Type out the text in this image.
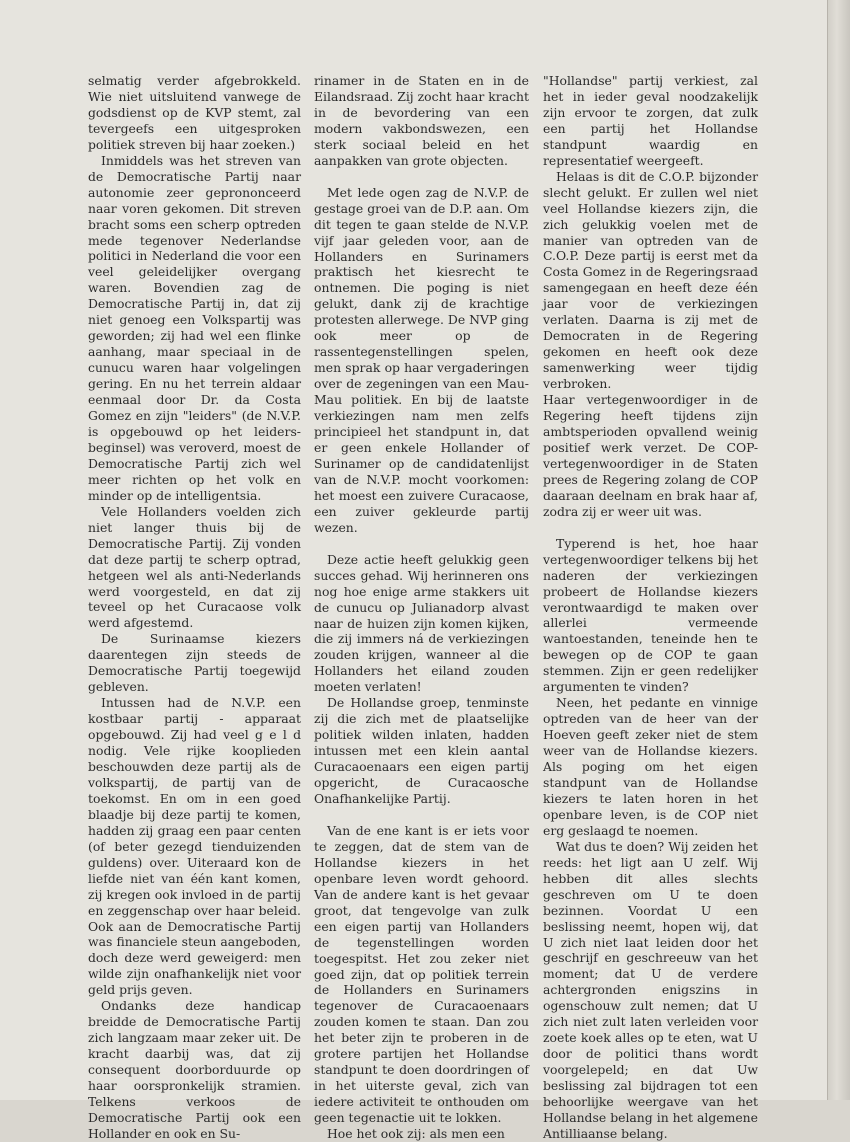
selmatig verder afgebrokkeld. Wie niet uitsluitend vanwege de godsdienst op de KVP stemt, zal tevergeefs een uitgesproken politiek streven bij haar zoeken.)

Inmiddels was het streven van de Democratische Partij naar autonomie zeer geprononceerd naar voren gekomen. Dit streven bracht soms een scherp optreden mede tegenover Nederlandse politici in Nederland die voor een veel geleidelijker overgang waren. Bovendien zag de Democratische Partij in, dat zij niet genoeg een Volkspartij was geworden; zij had wel een flinke aanhang, maar speciaal in de cunucu waren haar volgelingen gering. En nu het terrein aldaar eenmaal door Dr. da Costa Gomez en zijn "leiders" (de N.V.P. is opgebouwd op het leiders-beginsel) was veroverd, moest de Democratische Partij zich wel meer richten op het volk en minder op de intelligentsia.

Vele Hollanders voelden zich niet langer thuis bij de Democratische Partij. Zij vonden dat deze partij te scherp optrad, hetgeen wel als anti-Nederlands werd voorgesteld, en dat zij teveel op het Curacaose volk werd afgestemd.

De Surinaamse kiezers daarentegen zijn steeds de Democratische Partij toegewijd gebleven.

Intussen had de N.V.P. een kostbaar partij - apparaat opgebouwd. Zij had veel g e l d nodig. Vele rijke kooplieden beschouwden deze partij als de volkspartij, de partij van de toekomst. En om in een goed blaadje bij deze partij te komen, hadden zij graag een paar centen (of beter gezegd tienduizenden guldens) over. Uiteraard kon de liefde niet van één kant komen, zij kregen ook invloed in de partij en zeggenschap over haar beleid. Ook aan de Democratische Partij was financiele steun aangeboden, doch deze werd geweigerd: men wilde zijn onafhankelijk niet voor geld prijs geven.

Ondanks deze handicap breidde de Democratische Partij zich langzaam maar zeker uit. De kracht daarbij was, dat zij consequent doorborduurde op haar oorspronkelijk stramien. Telkens verkoos de Democratische Partij ook een Hollander en ook en Su-

rinamer in de Staten en in de Eilandsraad. Zij zocht haar kracht in de bevordering van een modern vakbondswezen, een sterk sociaal beleid en het aanpakken van grote objecten.

Met lede ogen zag de N.V.P. de gestage groei van de D.P. aan. Om dit tegen te gaan stelde de N.V.P. vijf jaar geleden voor, aan de Hollanders en Surinamers praktisch het kiesrecht te ontnemen. Die poging is niet gelukt, dank zij de krachtige protesten allerwege. De NVP ging ook meer op de rassentegenstellingen spelen, men sprak op haar vergaderingen over de zegeningen van een Mau-Mau politiek. En bij de laatste verkiezingen nam men zelfs principieel het standpunt in, dat er geen enkele Hollander of Surinamer op de candidatenlijst van de N.V.P. mocht voorkomen: het moest een zuivere Curacaose, een zuiver gekleurde partij wezen.

Deze actie heeft gelukkig geen succes gehad. Wij herinneren ons nog hoe enige arme stakkers uit de cunucu op Julianadorp alvast naar de huizen zijn komen kijken, die zij immers ná de verkiezingen zouden krijgen, wanneer al die Hollanders het eiland zouden moeten verlaten!

De Hollandse groep, tenminste zij die zich met de plaatselijke politiek wilden inlaten, hadden intussen met een klein aantal Curacaoenaars een eigen partij opgericht, de Curacaosche Onafhankelijke Partij.

Van de ene kant is er iets voor te zeggen, dat de stem van de Hollandse kiezers in het openbare leven wordt gehoord. Van de andere kant is het gevaar groot, dat tengevolge van zulk een eigen partij van Hollanders de tegenstellingen worden toegespitst. Het zou zeker niet goed zijn, dat op politiek terrein de Hollanders en Surinamers tegenover de Curacaoenaars zouden komen te staan. Dan zou het beter zijn te proberen in de grotere partijen het Hollandse standpunt te doen doordringen of in het uiterste geval, zich van iedere activiteit te onthouden om geen tegenactie uit te lokken.

Hoe het ook zij: als men een

"Hollandse" partij verkiest, zal het in ieder geval noodzakelijk zijn ervoor te zorgen, dat zulk een partij het Hollandse standpunt waardig en representatief weergeeft.

Helaas is dit de C.O.P. bijzonder slecht gelukt. Er zullen wel niet veel Hollandse kiezers zijn, die zich gelukkig voelen met de manier van optreden van de C.O.P. Deze partij is eerst met da Costa Gomez in de Regeringsraad samengegaan en heeft deze één jaar voor de verkiezingen verlaten. Daarna is zij met de Democraten in de Regering gekomen en heeft ook deze samenwerking weer tijdig verbroken.

Haar vertegenwoordiger in de Regering heeft tijdens zijn ambtsperioden opvallend weinig positief werk verzet. De COP-vertegenwoordiger in de Staten prees de Regering zolang de COP daaraan deelnam en brak haar af, zodra zij er weer uit was.

Typerend is het, hoe haar vertegenwoordiger telkens bij het naderen der verkiezingen probeert de Hollandse kiezers verontwaardigd te maken over allerlei vermeende wantoestanden, teneinde hen te bewegen op de COP te gaan stemmen. Zijn er geen redelijker argumenten te vinden?

Neen, het pedante en vinnige optreden van de heer van der Hoeven geeft zeker niet de stem weer van de Hollandse kiezers. Als poging om het eigen standpunt van de Hollandse kiezers te laten horen in het openbare leven, is de COP niet erg geslaagd te noemen.

Wat dus te doen? Wij zeiden het reeds: het ligt aan U zelf. Wij hebben dit alles slechts geschreven om U te doen bezinnen. Voordat U een beslissing neemt, hopen wij, dat U zich niet laat leiden door het geschrijf en geschreeuw van het moment; dat U de verdere achtergronden enigszins in ogenschouw zult nemen; dat U zich niet zult laten verleiden voor zoete koek alles op te eten, wat U door de politici thans wordt voorgelepeld; en dat Uw beslissing zal bijdragen tot een behoorlijke weergave van het Hollandse belang in het algemene Antilliaanse belang.
